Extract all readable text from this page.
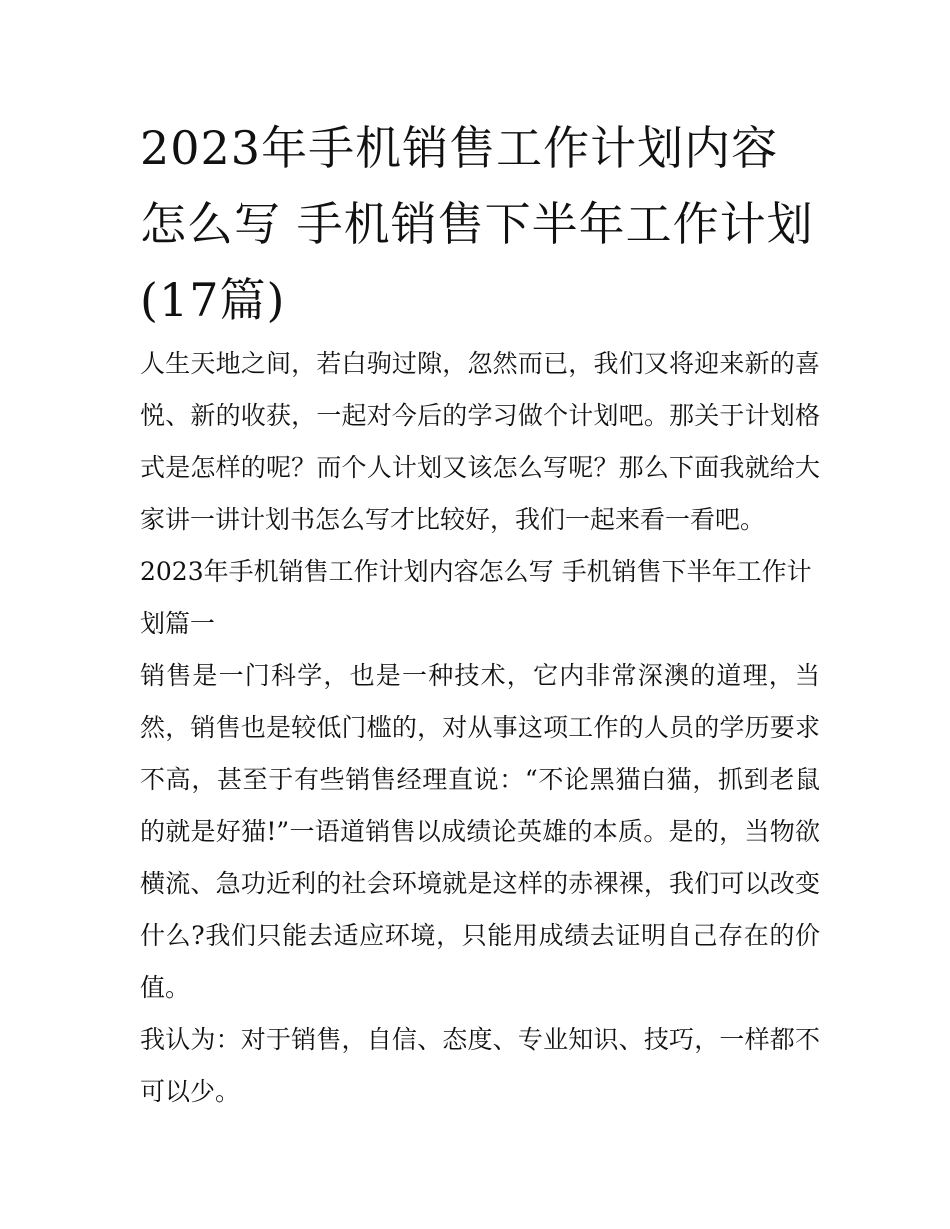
2023年手机销售工作计划内容怎么写 手机销售下半年工作计划(17篇)

人生天地之间，若白驹过隙，忽然而已，我们又将迎来新的喜悦、新的收获，一起对今后的学习做个计划吧。那关于计划格式是怎样的呢？而个人计划又该怎么写呢？那么下面我就给大家讲一讲计划书怎么写才比较好，我们一起来看一看吧。

2023年手机销售工作计划内容怎么写 手机销售下半年工作计划篇一

销售是一门科学，也是一种技术，它内非常深澳的道理，当然，销售也是较低门槛的，对从事这项工作的人员的学历要求不高，甚至于有些销售经理直说：“不论黑猫白猫，抓到老鼠的就是好猫!”一语道销售以成绩论英雄的本质。是的，当物欲横流、急功近利的社会环境就是这样的赤裸裸，我们可以改变什么?我们只能去适应环境，只能用成绩去证明自己存在的价值。

我认为：对于销售，自信、态度、专业知识、技巧，一样都不可以少。
